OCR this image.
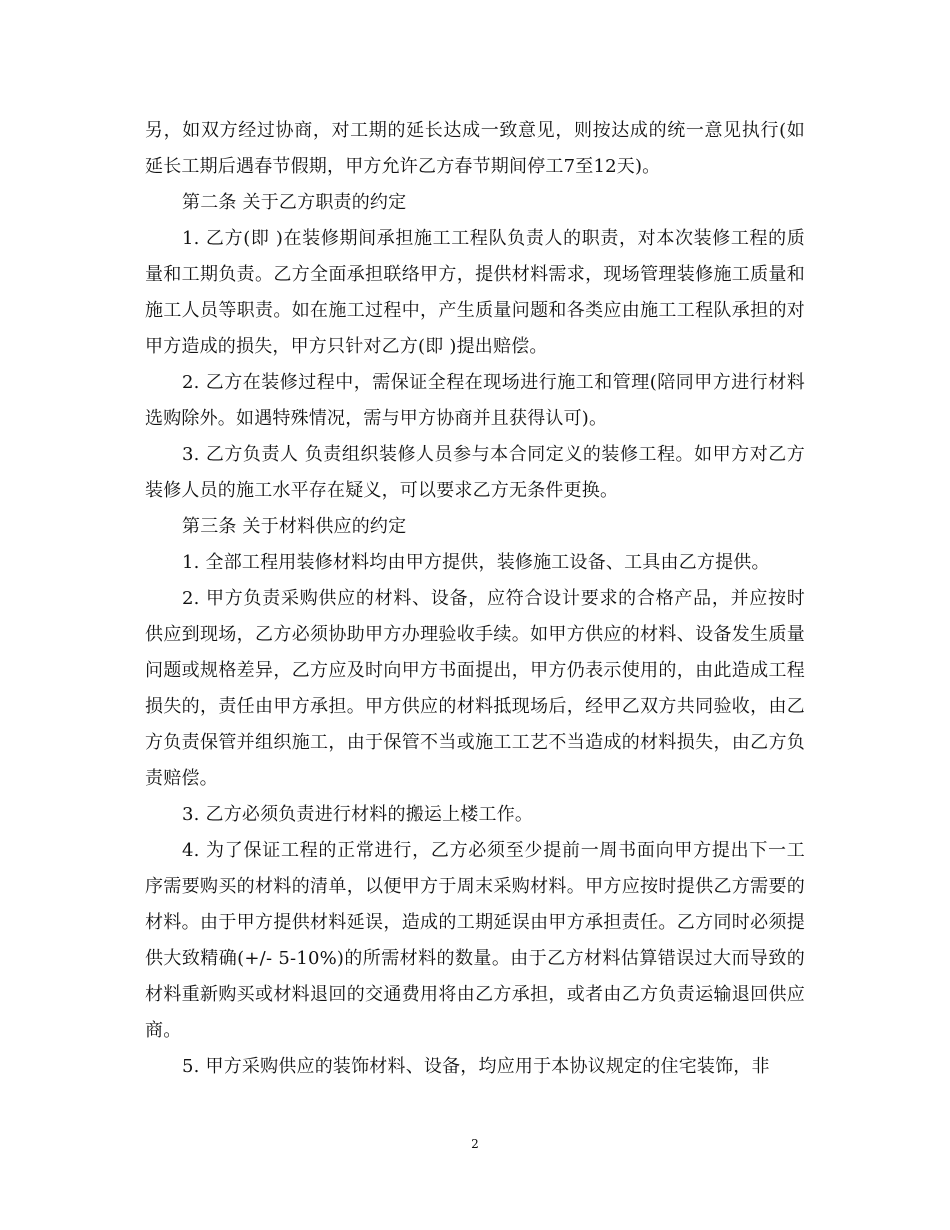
另，如双方经过协商，对工期的延长达成一致意见，则按达成的统一意见执行(如延长工期后遇春节假期，甲方允许乙方春节期间停工7至12天)。

第二条 关于乙方职责的约定

1. 乙方(即 )在装修期间承担施工工程队负责人的职责，对本次装修工程的质量和工期负责。乙方全面承担联络甲方，提供材料需求，现场管理装修施工质量和施工人员等职责。如在施工过程中，产生质量问题和各类应由施工工程队承担的对甲方造成的损失，甲方只针对乙方(即 )提出赔偿。

2. 乙方在装修过程中，需保证全程在现场进行施工和管理(陪同甲方进行材料选购除外。如遇特殊情况，需与甲方协商并且获得认可)。

3. 乙方负责人 负责组织装修人员参与本合同定义的装修工程。如甲方对乙方装修人员的施工水平存在疑义，可以要求乙方无条件更换。

第三条 关于材料供应的约定

1. 全部工程用装修材料均由甲方提供，装修施工设备、工具由乙方提供。

2. 甲方负责采购供应的材料、设备，应符合设计要求的合格产品，并应按时供应到现场，乙方必须协助甲方办理验收手续。如甲方供应的材料、设备发生质量问题或规格差异，乙方应及时向甲方书面提出，甲方仍表示使用的，由此造成工程损失的，责任由甲方承担。甲方供应的材料抵现场后，经甲乙双方共同验收，由乙方负责保管并组织施工，由于保管不当或施工工艺不当造成的材料损失，由乙方负责赔偿。

3. 乙方必须负责进行材料的搬运上楼工作。

4. 为了保证工程的正常进行，乙方必须至少提前一周书面向甲方提出下一工序需要购买的材料的清单，以便甲方于周末采购材料。甲方应按时提供乙方需要的材料。由于甲方提供材料延误，造成的工期延误由甲方承担责任。乙方同时必须提供大致精确(+/- 5-10%)的所需材料的数量。由于乙方材料估算错误过大而导致的材料重新购买或材料退回的交通费用将由乙方承担，或者由乙方负责运输退回供应商。

5. 甲方采购供应的装饰材料、设备，均应用于本协议规定的住宅装饰，非

2
